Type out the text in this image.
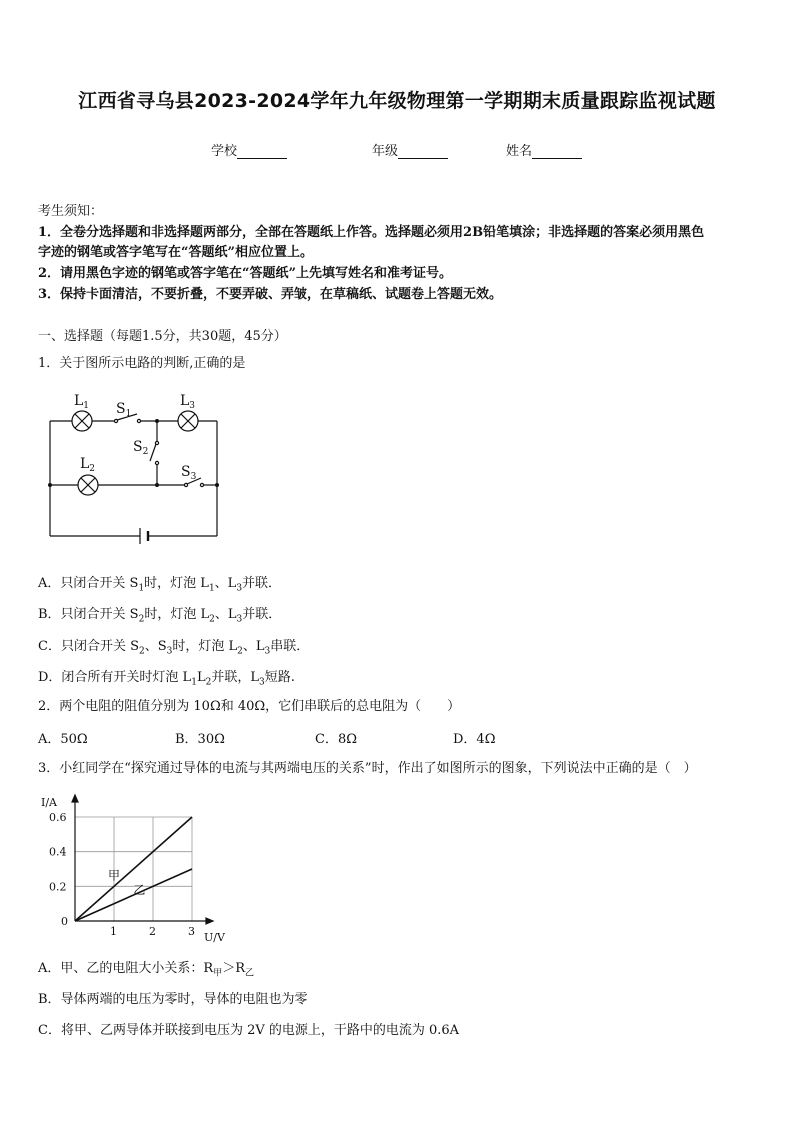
江西省寻乌县2023-2024学年九年级物理第一学期期末质量跟踪监视试题
学校	年级	姓名
考生须知：
1．全卷分选择题和非选择题两部分，全部在答题纸上作答。选择题必须用2B铅笔填涂；非选择题的答案必须用黑色
字迹的钢笔或答字笔写在“答题纸”相应位置上。
2．请用黑色字迹的钢笔或答字笔在“答题纸”上先填写姓名和准考证号。
3．保持卡面清洁，不要折叠，不要弄破、弄皱，在草稿纸、试题卷上答题无效。
一、选择题（每题1.5分，共30题，45分）
1．关于图所示电路的判断,正确的是
$L_1$ $S_1$
$L_3$
$S_2$
$L_2$	$S_3$
A．只闭合开关 $S_1$时，灯泡 $L_1$、$L_3$并联．
B．只闭合开关 $S_2$时，灯泡 $L_2$、$L_3$并联．
C．只闭合开关 $S_2$、$S_3$时，灯泡 $L_2$、$L_3$串联．
D．闭合所有开关时灯泡 $L_1L_2$并联，$L_3$短路.
2．两个电阻的阻值分别为 10Ω和 40Ω，它们串联后的总电阻为（　　）
A．50Ω	B．30Ω	C．8Ω	D．4Ω
3．小红同学在“探究通过导体的电流与其两端电压的关系”时，作出了如图所示的图象，下列说法中正确的是（　）
1	2	3
0.2
0.4
0.6
0
I/A
U/V
甲
乙
A．甲、乙的电阻大小关系：$R_甲>R_乙$
B．导体两端的电压为零时，导体的电阻也为零
C．将甲、乙两导体并联接到电压为 2V 的电源上，干路中的电流为 0.6A
